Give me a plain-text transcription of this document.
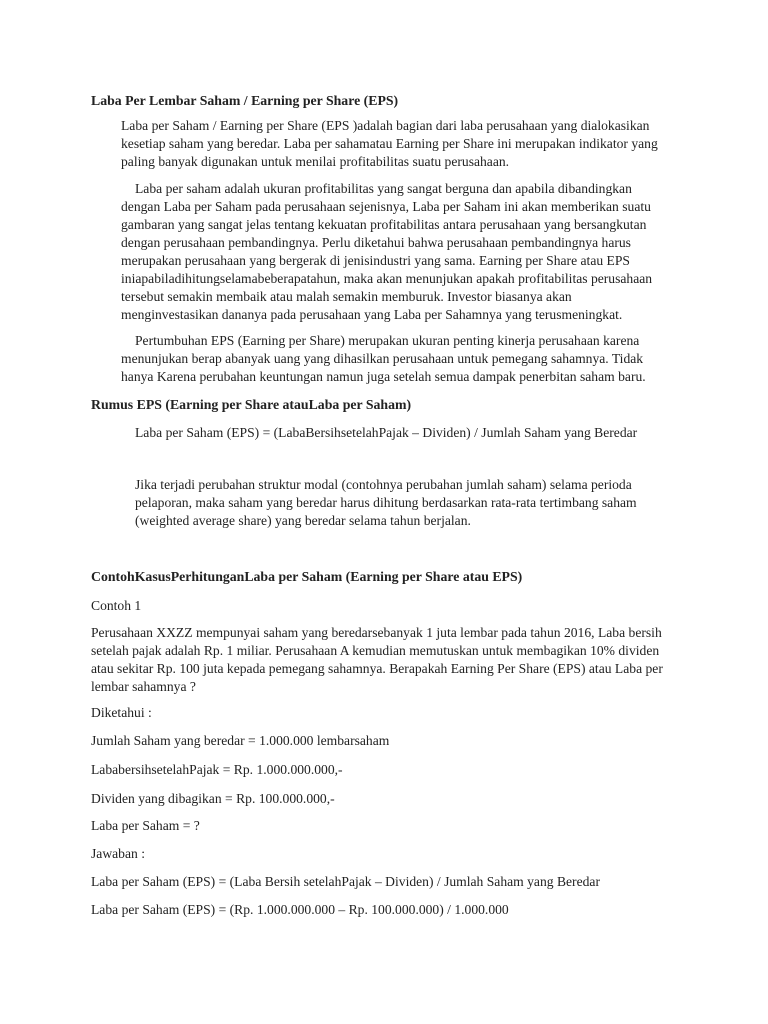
Laba Per Lembar Saham / Earning per Share (EPS)

Laba per Saham / Earning per Share (EPS )adalah bagian dari laba perusahaan yang dialokasikan
kesetiap saham yang beredar. Laba per sahamatau Earning per Share ini merupakan indikator yang
paling banyak digunakan untuk menilai profitabilitas suatu perusahaan.

Laba per saham adalah ukuran profitabilitas yang sangat berguna dan apabila dibandingkan
dengan Laba per Saham pada perusahaan sejenisnya, Laba per Saham ini akan memberikan suatu
gambaran yang sangat jelas tentang kekuatan profitabilitas antara perusahaan yang bersangkutan
dengan perusahaan pembandingnya. Perlu diketahui bahwa perusahaan pembandingnya harus
merupakan perusahaan yang bergerak di jenisindustri yang sama. Earning per Share atau EPS
iniapabiladihitungselamabeberapatahun, maka akan menunjukan apakah profitabilitas perusahaan
tersebut semakin membaik atau malah semakin memburuk. Investor biasanya akan
menginvestasikan dananya pada perusahaan yang Laba per Sahamnya yang terusmeningkat.

Pertumbuhan EPS (Earning per Share) merupakan ukuran penting kinerja perusahaan karena
menunjukan berap abanyak uang yang dihasilkan perusahaan untuk pemegang sahamnya. Tidak
hanya Karena perubahan keuntungan namun juga setelah semua dampak penerbitan saham baru.

Rumus EPS (Earning per Share atauLaba per Saham)

Laba per Saham (EPS) = (LabaBersihsetelahPajak – Dividen) / Jumlah Saham yang Beredar

Jika terjadi perubahan struktur modal (contohnya perubahan jumlah saham) selama perioda
pelaporan, maka saham yang beredar harus dihitung berdasarkan rata-rata tertimbang saham
(weighted average share) yang beredar selama tahun berjalan.

ContohKasusPerhitunganLaba per Saham (Earning per Share atau EPS)

Contoh 1

Perusahaan XXZZ mempunyai saham yang beredarsebanyak 1 juta lembar pada tahun 2016, Laba bersih
setelah pajak adalah Rp. 1 miliar. Perusahaan A kemudian memutuskan untuk membagikan 10% dividen
atau sekitar Rp. 100 juta kepada pemegang sahamnya. Berapakah Earning Per Share (EPS) atau Laba per
lembar sahamnya ?

Diketahui :

Jumlah Saham yang beredar = 1.000.000 lembarsaham

LababersihsetelahPajak = Rp. 1.000.000.000,-

Dividen yang dibagikan = Rp. 100.000.000,-

Laba per Saham = ?

Jawaban :

Laba per Saham (EPS) = (Laba Bersih setelahPajak – Dividen) / Jumlah Saham yang Beredar

Laba per Saham (EPS) = (Rp. 1.000.000.000 – Rp. 100.000.000) / 1.000.000
